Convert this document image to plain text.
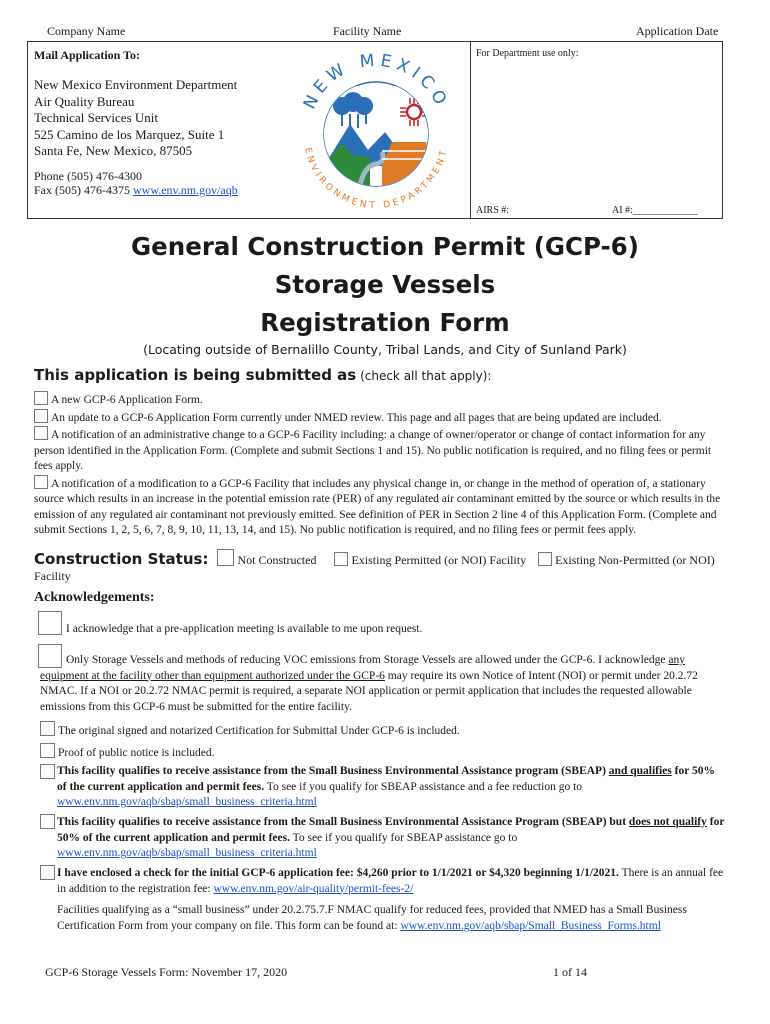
Company Name	Facility Name	Application Date
Mail Application To:
New Mexico Environment Department
Air Quality Bureau
Technical Services Unit
525 Camino de los Marquez, Suite 1
Santa Fe, New Mexico, 87505
Phone (505) 476-4300
Fax (505) 476-4375 www.env.nm.gov/aqb
NEW MEXICO
ENVIRONMENT DEPARTMENT
For Department use only:
AIRS #:	AI #:_____________
General Construction Permit (GCP-6)
Storage Vessels
Registration Form
(Locating outside of Bernalillo County, Tribal Lands, and City of Sunland Park)
This application is being submitted as (check all that apply):

A new GCP-6 Application Form.

An update to a GCP-6 Application Form currently under NMED review. This page and all pages that are being updated are included.

A notification of an administrative change to a GCP-6 Facility including: a change of owner/operator or change of contact information for any person identified in the Application Form. (Complete and submit Sections 1 and 15). No public notification is required, and no filing fees or permit fees apply.

A notification of a modification to a GCP-6 Facility that includes any physical change in, or change in the method of operation of, a stationary source which results in an increase in the potential emission rate (PER) of any regulated air contaminant emitted by the source or which results in the emission of any regulated air contaminant not previously emitted. See definition of PER in Section 2 line 4 of this Application Form. (Complete and submit Sections 1, 2, 5, 6, 7, 8, 9, 10, 11, 13, 14, and 15). No public notification is required, and no filing fees or permit fees apply.

Construction Status: Not Constructed	Existing Permitted (or NOI) Facility Existing Non-Permitted (or NOI) Facility
Acknowledgements:
I acknowledge that a pre-application meeting is available to me upon request.
Only Storage Vessels and methods of reducing VOC emissions from Storage Vessels are allowed under the GCP-6. I acknowledge any equipment at the facility other than equipment authorized under the GCP-6 may require its own Notice of Intent (NOI) or permit under 20.2.72 NMAC. If a NOI or 20.2.72 NMAC permit is required, a separate NOI application or permit application that includes the requested allowable emissions from this GCP-6 must be submitted for the entire facility.
The original signed and notarized Certification for Submittal Under GCP-6 is included.
Proof of public notice is included.
This facility qualifies to receive assistance from the Small Business Environmental Assistance program (SBEAP) and qualifies for 50% of the current application and permit fees. To see if you qualify for SBEAP assistance and a fee reduction go to www.env.nm.gov/aqb/sbap/small_business_criteria.html
This facility qualifies to receive assistance from the Small Business Environmental Assistance Program (SBEAP) but does not qualify for 50% of the current application and permit fees. To see if you qualify for SBEAP assistance go to www.env.nm.gov/aqb/sbap/small_business_criteria.html
I have enclosed a check for the initial GCP-6 application fee: $4,260 prior to 1/1/2021 or $4,320 beginning 1/1/2021. There is an annual fee in addition to the registration fee: www.env.nm.gov/air-quality/permit-fees-2/
Facilities qualifying as a “small business” under 20.2.75.7.F NMAC qualify for reduced fees, provided that NMED has a Small Business Certification Form from your company on file. This form can be found at: www.env.nm.gov/aqb/sbap/Small_Business_Forms.html
GCP-6 Storage Vessels Form: November 17, 2020	1 of 14
